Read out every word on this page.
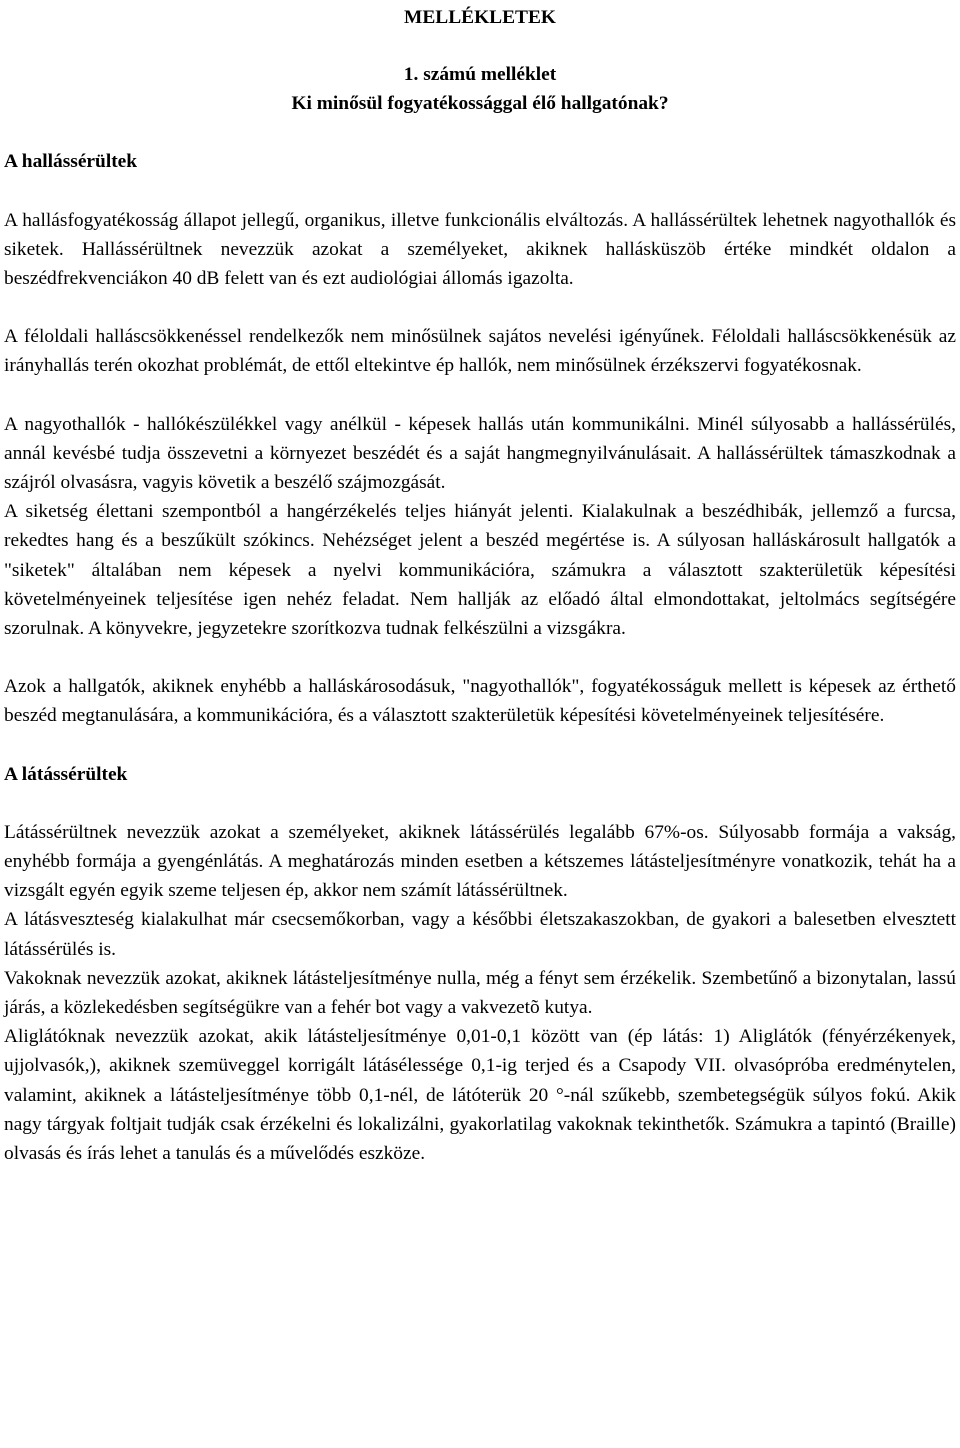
MELLÉKLETEK
1. számú melléklet
Ki minősül fogyatékossággal élő hallgatónak?
A hallássérültek

A hallásfogyatékosság állapot jellegű, organikus, illetve funkcionális elváltozás. A hallássérültek lehetnek nagyothallók és siketek. Hallássérültnek nevezzük azokat a személyeket, akiknek hallásküszöb értéke mindkét oldalon a beszédfrekvenciákon 40 dB felett van és ezt audiológiai állomás igazolta.

A féloldali halláscsökkenéssel rendelkezők nem minősülnek sajátos nevelési igényűnek. Féloldali halláscsökkenésük az irányhallás terén okozhat problémát, de ettől eltekintve ép hallók, nem minősülnek érzékszervi fogyatékosnak.

A nagyothallók - hallókészülékkel vagy anélkül - képesek hallás után kommunikálni. Minél súlyosabb a hallássérülés, annál kevésbé tudja összevetni a környezet beszédét és a saját hangmegnyilvánulásait. A hallássérültek támaszkodnak a szájról olvasásra, vagyis követik a beszélő szájmozgását.

A siketség élettani szempontból a hangérzékelés teljes hiányát jelenti. Kialakulnak a beszédhibák, jellemző a furcsa, rekedtes hang és a beszűkült szókincs. Nehézséget jelent a beszéd megértése is. A súlyosan halláskárosult hallgatók a "siketek" általában nem képesek a nyelvi kommunikációra, számukra a választott szakterületük képesítési követelményeinek teljesítése igen nehéz feladat. Nem hallják az előadó által elmondottakat, jeltolmács segítségére szorulnak. A könyvekre, jegyzetekre szorítkozva tudnak felkészülni a vizsgákra.

Azok a hallgatók, akiknek enyhébb a halláskárosodásuk, "nagyothallók", fogyatékosságuk mellett is képesek az érthető beszéd megtanulására, a kommunikációra, és a választott szakterületük képesítési követelményeinek teljesítésére.

A látássérültek

Látássérültnek nevezzük azokat a személyeket, akiknek látássérülés legalább 67%-os. Súlyosabb formája a vakság, enyhébb formája a gyengénlátás. A meghatározás minden esetben a kétszemes látásteljesítményre vonatkozik, tehát ha a vizsgált egyén egyik szeme teljesen ép, akkor nem számít látássérültnek.

A látásveszteség kialakulhat már csecsemőkorban, vagy a későbbi életszakaszokban, de gyakori a balesetben elvesztett látássérülés is.

Vakoknak nevezzük azokat, akiknek látásteljesítménye nulla, még a fényt sem érzékelik. Szembetűnő a bizonytalan, lassú járás, a közlekedésben segítségükre van a fehér bot vagy a vakvezetõ kutya.

Aliglátóknak nevezzük azokat, akik látásteljesítménye 0,01-0,1 között van (ép látás: 1) Aliglátók (fényérzékenyek, ujjolvasók,), akiknek szemüveggel korrigált látásélessége 0,1-ig terjed és a Csapody VII. olvasópróba eredménytelen, valamint, akiknek a látásteljesítménye több 0,1-nél, de látóterük 20 °-nál szűkebb, szembetegségük súlyos fokú. Akik nagy tárgyak foltjait tudják csak érzékelni és lokalizálni, gyakorlatilag vakoknak tekinthetők. Számukra a tapintó (Braille) olvasás és írás lehet a tanulás és a művelődés eszköze.
